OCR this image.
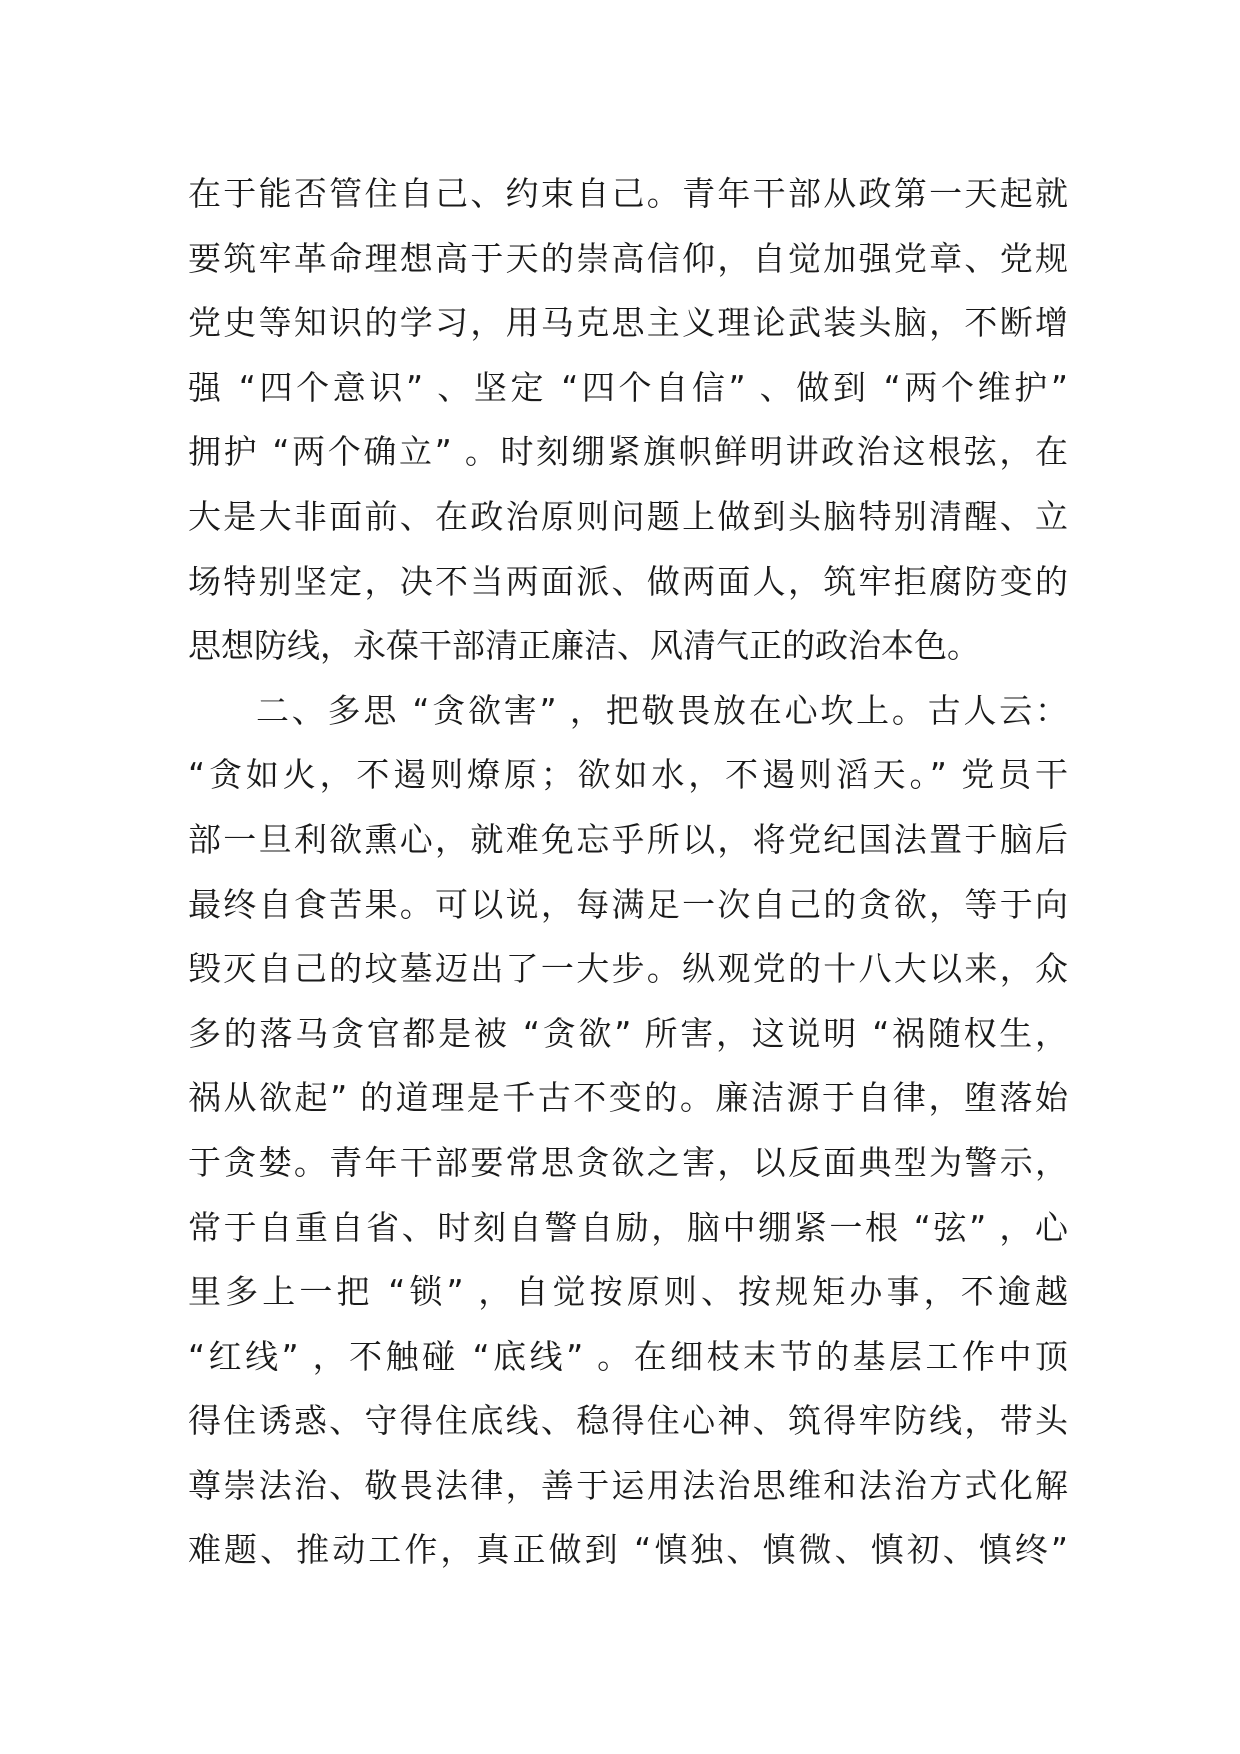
在于能否管住自己、约束自己。青年干部从政第一天起就
要筑牢革命理想高于天的崇高信仰，自觉加强党章、党规
党史等知识的学习，用马克思主义理论武装头脑，不断增
强 “四个意识” 、坚定 “四个自信” 、做到 “两个维护”
拥护 “两个确立” 。时刻绷紧旗帜鲜明讲政治这根弦，在
大是大非面前、在政治原则问题上做到头脑特别清醒、立
场特别坚定，决不当两面派、做两面人，筑牢拒腐防变的
思想防线，永葆干部清正廉洁、风清气正的政治本色。
二、多思 “贪欲害” ，把敬畏放在心坎上。古人云：
“贪如火，不遏则燎原；欲如水，不遏则滔天。” 党员干
部一旦利欲熏心，就难免忘乎所以，将党纪国法置于脑后
最终自食苦果。可以说，每满足一次自己的贪欲，等于向
毁灭自己的坟墓迈出了一大步。纵观党的十八大以来，众
多的落马贪官都是被 “贪欲” 所害，这说明 “祸随权生，
祸从欲起” 的道理是千古不变的。廉洁源于自律，堕落始
于贪婪。青年干部要常思贪欲之害，以反面典型为警示，
常于自重自省、时刻自警自励，脑中绷紧一根 “弦” ，心
里多上一把 “锁” ，自觉按原则、按规矩办事，不逾越
“红线” ，不触碰 “底线” 。在细枝末节的基层工作中顶
得住诱惑、守得住底线、稳得住心神、筑得牢防线，带头
尊崇法治、敬畏法律，善于运用法治思维和法治方式化解
难题、推动工作，真正做到 “慎独、慎微、慎初、慎终”
